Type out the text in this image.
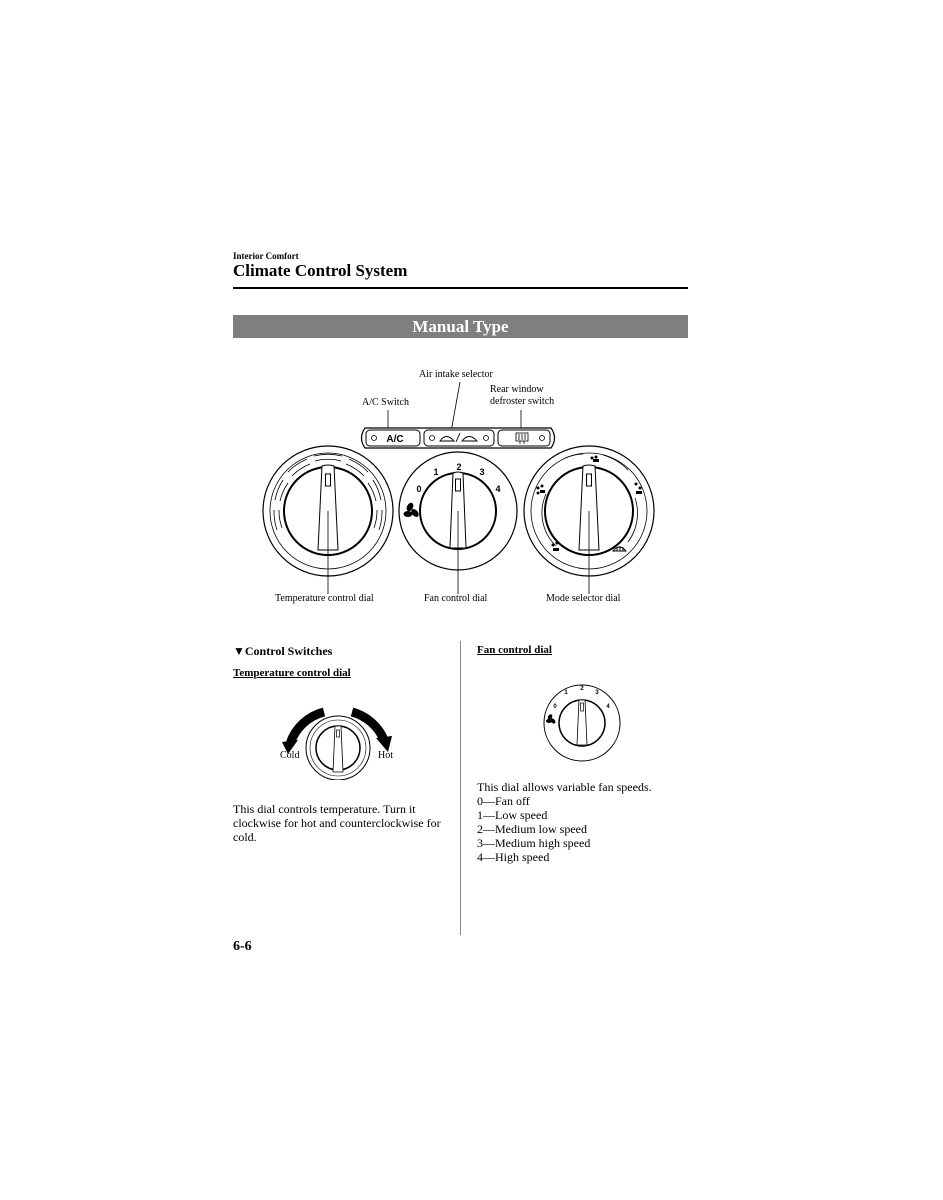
Interior Comfort
Climate Control System
Manual Type
A/C
0
1 2 3
4
Air intake selector
A/C Switch
Rear window
defroster switch
Temperature control dial	Fan control dial	Mode selector dial
▼Control Switches
Temperature control dial
Cold	Hot
This dial controls temperature. Turn it clockwise for hot and counterclockwise for cold.
Fan control dial
0
1
2
3
4
This dial allows variable fan speeds.
0—Fan off
1—Low speed
2—Medium low speed
3—Medium high speed
4—High speed
6-6
